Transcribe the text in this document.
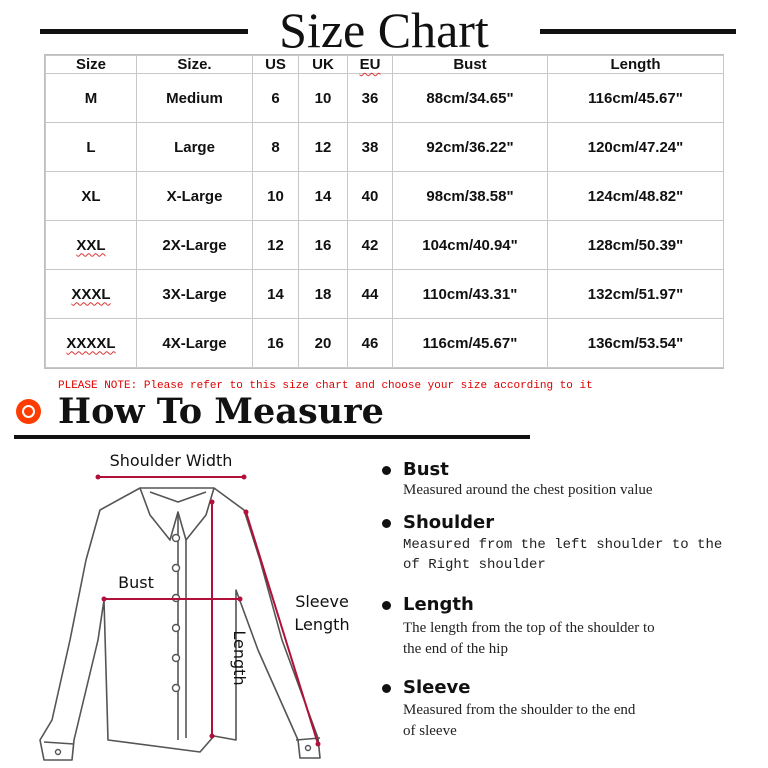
Size Chart
Size	Size.	US	UK	EU	Bust	Length
M	Medium	6	10	36	88cm/34.65"	116cm/45.67"
L	Large	8	12	38	92cm/36.22"	120cm/47.24"
XL	X-Large	10	14	40	98cm/38.58"	124cm/48.82"
XXL	2X-Large	12	16	42	104cm/40.94"	128cm/50.39"
XXXL	3X-Large	14	18	44	110cm/43.31"	132cm/51.97"
XXXXL	4X-Large	16	20	46	116cm/45.67"	136cm/53.54"
PLEASE NOTE: Please refer to this size chart and choose your size according to it
How To Measure
Shoulder Width
Bust
Sleeve
Length
Length
Bust
Measured around the chest position value
Shoulder
Measured from the left shoulder to the
of Right shoulder
Length
The length from the top of the shoulder to
the end of the hip
Sleeve
Measured from the shoulder to the end
of sleeve
